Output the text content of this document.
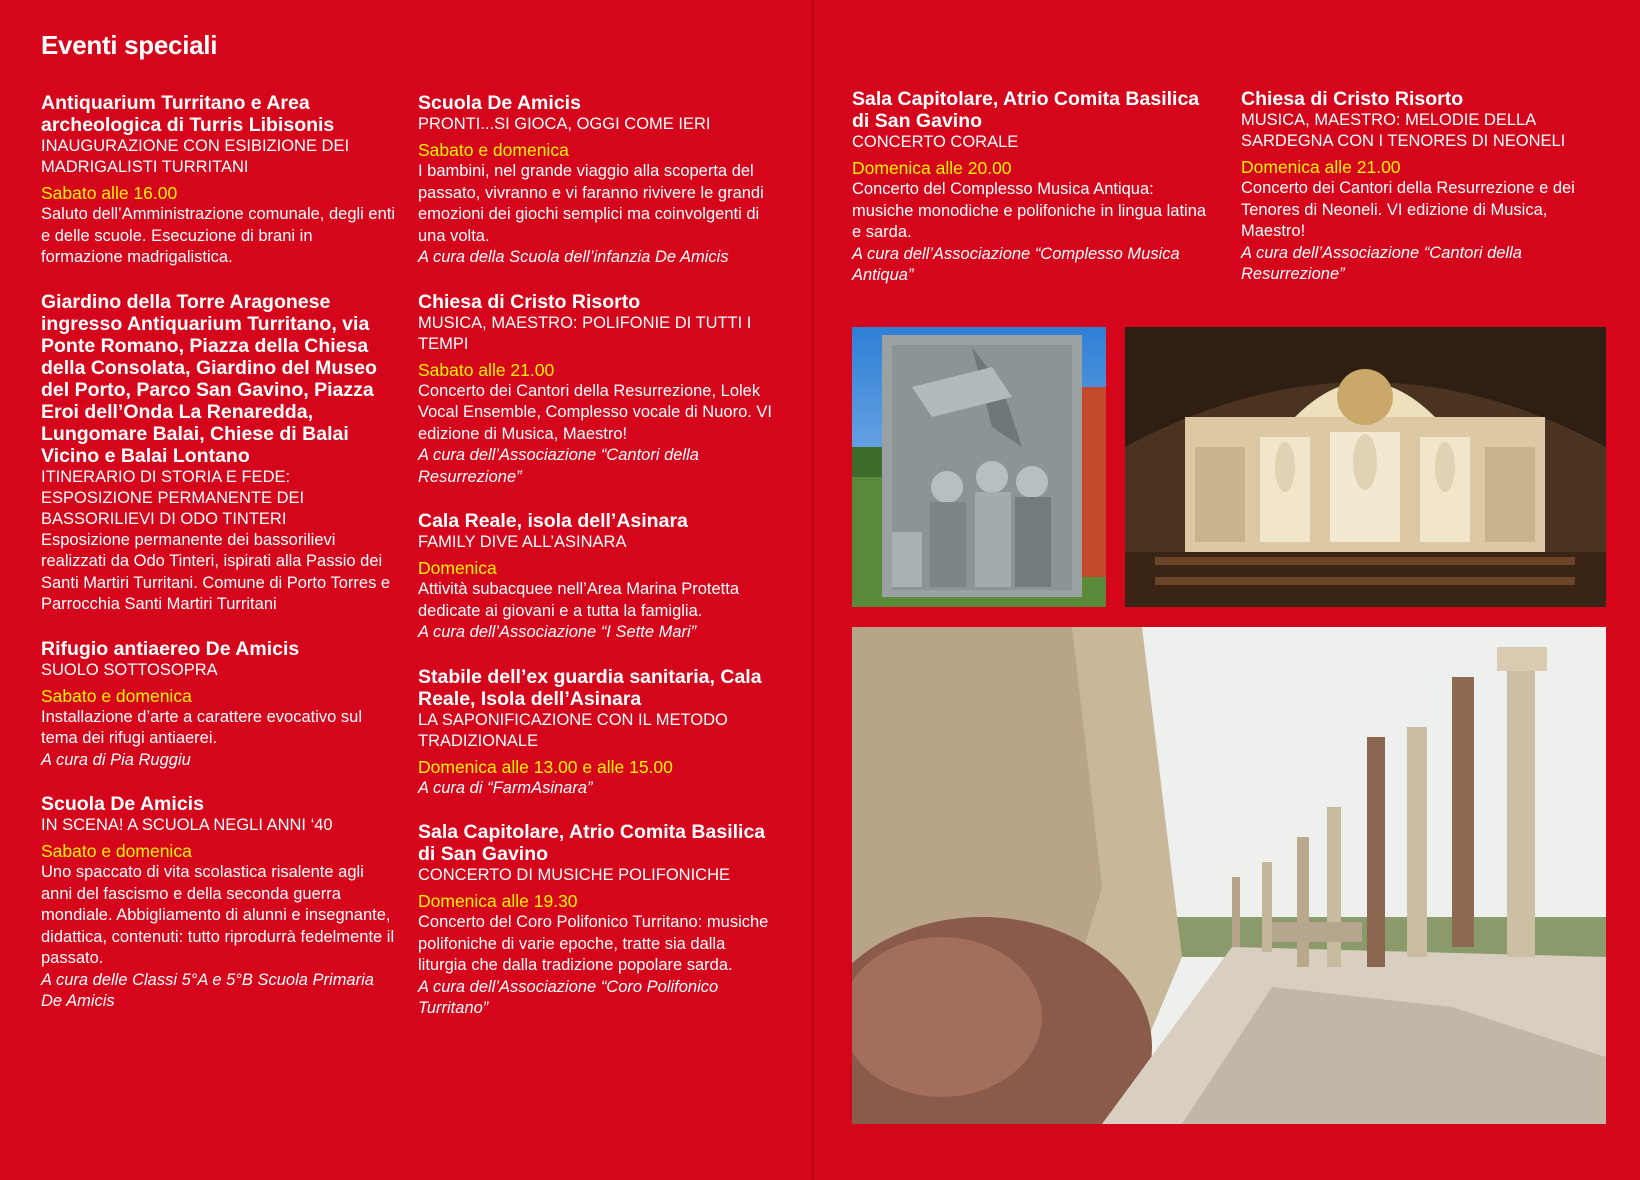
Eventi speciali
Antiquarium Turritano e Area archeologica di Turris Libisonis
INAUGURAZIONE CON ESIBIZIONE DEI MADRIGALISTI TURRITANI
Sabato alle 16.00
Saluto dell’Amministrazione comunale, degli enti e delle scuole. Esecuzione di brani in formazione madrigalistica.
Giardino della Torre Aragonese ingresso Antiquarium Turritano, via Ponte Romano, Piazza della Chiesa della Consolata, Giardino del Museo del Porto, Parco San Gavino, Piazza Eroi dell’Onda La Renaredda, Lungomare Balai, Chiese di Balai Vicino e Balai Lontano
ITINERARIO DI STORIA E FEDE: ESPOSIZIONE PERMANENTE DEI BASSORILIEVI DI ODO TINTERI
Esposizione permanente dei bassorilievi realizzati da Odo Tinteri, ispirati alla Passio dei Santi Martiri Turritani. Comune di Porto Torres e Parrocchia Santi Martiri Turritani
Rifugio antiaereo De Amicis
SUOLO SOTTOSOPRA
Sabato e domenica
Installazione d’arte a carattere evocativo sul tema dei rifugi antiaerei.
A cura di Pia Ruggiu
Scuola De Amicis
IN SCENA! A SCUOLA NEGLI ANNI ‘40
Sabato e domenica
Uno spaccato di vita scolastica risalente agli anni del fascismo e della seconda guerra mondiale. Abbigliamento di alunni e insegnante, didattica, contenuti: tutto riprodurrà fedelmente il passato.
A cura delle Classi 5°A e 5°B Scuola Primaria De Amicis
Scuola De Amicis
PRONTI...SI GIOCA, OGGI COME IERI
Sabato e domenica
I bambini, nel grande viaggio alla scoperta del passato, vivranno e vi faranno rivivere le grandi emozioni dei giochi semplici ma coinvolgenti di una volta.
A cura della Scuola dell’infanzia De Amicis
Chiesa di Cristo Risorto
MUSICA, MAESTRO: POLIFONIE DI TUTTI I TEMPI
Sabato alle 21.00
Concerto dei Cantori della Resurrezione, Lolek Vocal Ensemble, Complesso vocale di Nuoro. VI edizione di Musica, Maestro!
A cura dell’Associazione “Cantori della Resurrezione”
Cala Reale, isola dell’Asinara
FAMILY DIVE ALL’ASINARA
Domenica
Attività subacquee nell’Area Marina Protetta dedicate ai giovani e a tutta la famiglia.
A cura dell’Associazione “I Sette Mari”
Stabile dell’ex guardia sanitaria, Cala Reale, Isola dell’Asinara
LA SAPONIFICAZIONE CON IL METODO TRADIZIONALE
Domenica alle 13.00 e alle 15.00
A cura di “FarmAsinara”
Sala Capitolare, Atrio Comita Basilica di San Gavino
CONCERTO DI MUSICHE POLIFONICHE
Domenica alle 19.30
Concerto del Coro Polifonico Turritano: musiche polifoniche di varie epoche, tratte sia dalla liturgia che dalla tradizione popolare sarda.
A cura dell’Associazione “Coro Polifonico Turritano”
Sala Capitolare, Atrio Comita Basilica di San Gavino
CONCERTO CORALE
Domenica alle 20.00
Concerto del Complesso Musica Antiqua: musiche monodiche e polifoniche in lingua latina e sarda.
A cura dell’Associazione “Complesso Musica Antiqua”
Chiesa di Cristo Risorto
MUSICA, MAESTRO: MELODIE DELLA SARDEGNA CON I TENORES DI NEONELI
Domenica alle 21.00
Concerto dei Cantori della Resurrezione e dei Tenores di Neoneli. VI edizione di Musica, Maestro!
A cura dell’Associazione “Cantori della Resurrezione”
